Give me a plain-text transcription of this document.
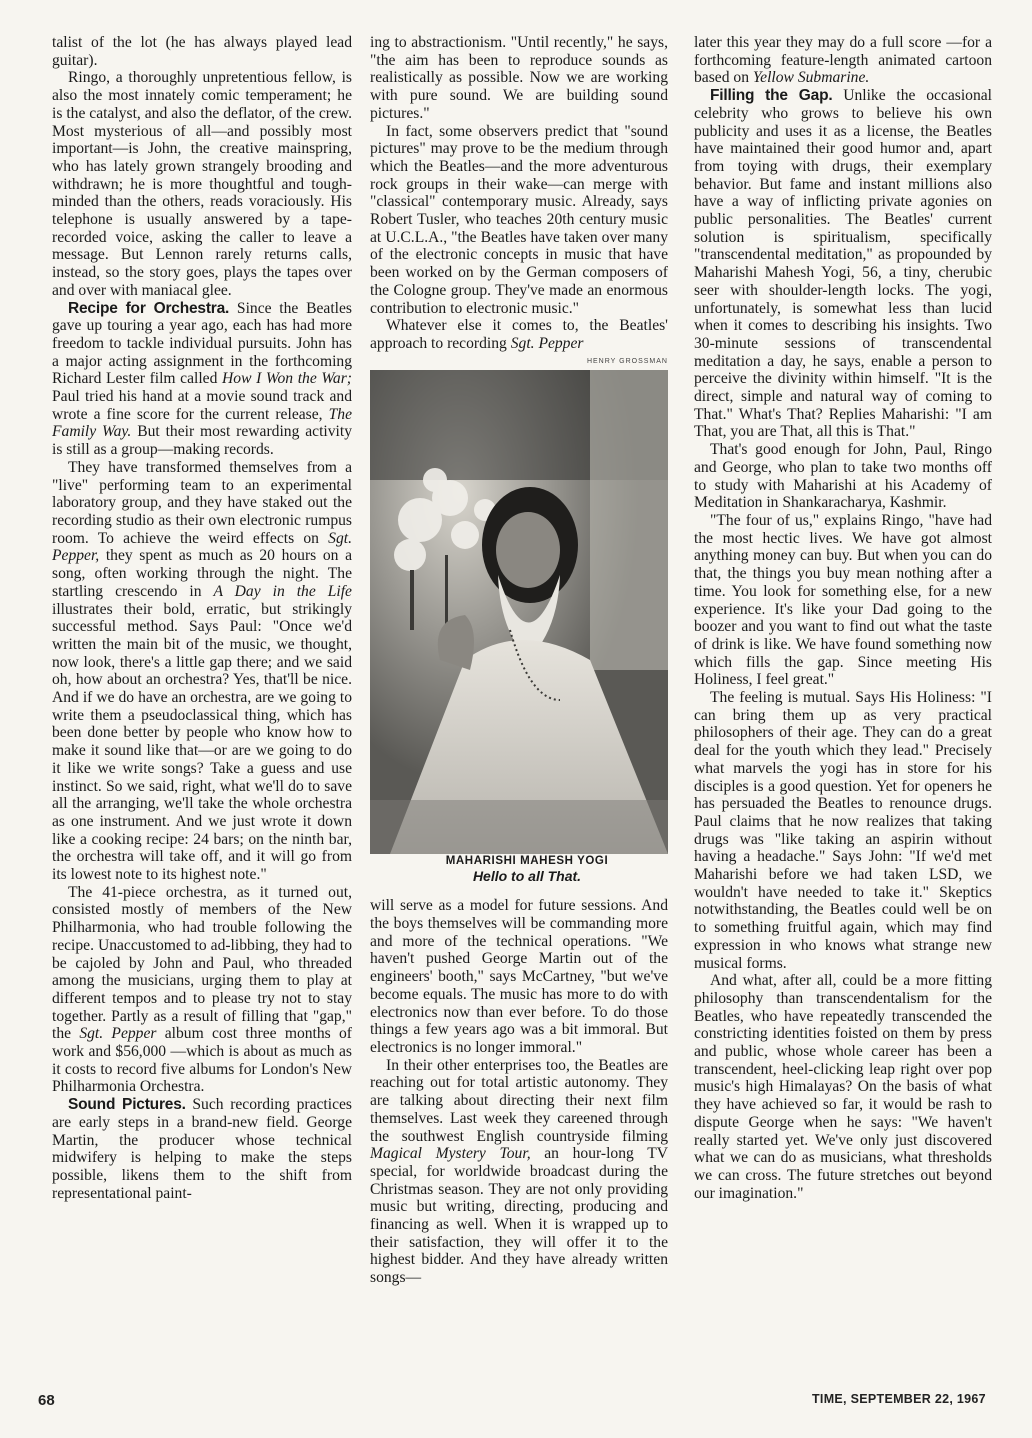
talist of the lot (he has always played lead guitar).

Ringo, a thoroughly unpretentious fellow, is also the most innately comic temperament; he is the catalyst, and also the deflator, of the crew. Most mysterious of all—and possibly most important—is John, the creative mainspring, who has lately grown strangely brooding and withdrawn; he is more thoughtful and tough-minded than the others, reads voraciously. His telephone is usually answered by a tape-recorded voice, asking the caller to leave a message. But Lennon rarely returns calls, instead, so the story goes, plays the tapes over and over with maniacal glee.

Recipe for Orchestra. Since the Beatles gave up touring a year ago, each has had more freedom to tackle individual pursuits. John has a major acting assignment in the forthcoming Richard Lester film called How I Won the War; Paul tried his hand at a movie sound track and wrote a fine score for the current release, The Family Way. But their most rewarding activity is still as a group—making records.

They have transformed themselves from a "live" performing team to an experimental laboratory group, and they have staked out the recording studio as their own electronic rumpus room. To achieve the weird effects on Sgt. Pepper, they spent as much as 20 hours on a song, often working through the night. The startling crescendo in A Day in the Life illustrates their bold, erratic, but strikingly successful method. Says Paul: "Once we'd written the main bit of the music, we thought, now look, there's a little gap there; and we said oh, how about an orchestra? Yes, that'll be nice. And if we do have an orchestra, are we going to write them a pseudoclassical thing, which has been done better by people who know how to make it sound like that—or are we going to do it like we write songs? Take a guess and use instinct. So we said, right, what we'll do to save all the arranging, we'll take the whole orchestra as one instrument. And we just wrote it down like a cooking recipe: 24 bars; on the ninth bar, the orchestra will take off, and it will go from its lowest note to its highest note."

The 41-piece orchestra, as it turned out, consisted mostly of members of the New Philharmonia, who had trouble following the recipe. Unaccustomed to ad-libbing, they had to be cajoled by John and Paul, who threaded among the musicians, urging them to play at different tempos and to please try not to stay together. Partly as a result of filling that "gap," the Sgt. Pepper album cost three months of work and $56,000 —which is about as much as it costs to record five albums for London's New Philharmonia Orchestra.

Sound Pictures. Such recording practices are early steps in a brand-new field. George Martin, the producer whose technical midwifery is helping to make the steps possible, likens them to the shift from representational paint-

ing to abstractionism. "Until recently," he says, "the aim has been to reproduce sounds as realistically as possible. Now we are working with pure sound. We are building sound pictures."

In fact, some observers predict that "sound pictures" may prove to be the medium through which the Beatles—and the more adventurous rock groups in their wake—can merge with "classical" contemporary music. Already, says Robert Tusler, who teaches 20th century music at U.C.L.A., "the Beatles have taken over many of the electronic concepts in music that have been worked on by the German composers of the Cologne group. They've made an enormous contribution to electronic music."

Whatever else it comes to, the Beatles' approach to recording Sgt. Pepper

HENRY GROSSMAN

MAHARISHI MAHESH YOGI
Hello to all That.

will serve as a model for future sessions. And the boys themselves will be commanding more and more of the technical operations. "We haven't pushed George Martin out of the engineers' booth," says McCartney, "but we've become equals. The music has more to do with electronics now than ever before. To do those things a few years ago was a bit immoral. But electronics is no longer immoral."

In their other enterprises too, the Beatles are reaching out for total artistic autonomy. They are talking about directing their next film themselves. Last week they careened through the southwest English countryside filming Magical Mystery Tour, an hour-long TV special, for worldwide broadcast during the Christmas season. They are not only providing music but writing, directing, producing and financing as well. When it is wrapped up to their satisfaction, they will offer it to the highest bidder. And they have already written songs—

later this year they may do a full score —for a forthcoming feature-length animated cartoon based on Yellow Submarine.

Filling the Gap. Unlike the occasional celebrity who grows to believe his own publicity and uses it as a license, the Beatles have maintained their good humor and, apart from toying with drugs, their exemplary behavior. But fame and instant millions also have a way of inflicting private agonies on public personalities. The Beatles' current solution is spiritualism, specifically "transcendental meditation," as propounded by Maharishi Mahesh Yogi, 56, a tiny, cherubic seer with shoulder-length locks. The yogi, unfortunately, is somewhat less than lucid when it comes to describing his insights. Two 30-minute sessions of transcendental meditation a day, he says, enable a person to perceive the divinity within himself. "It is the direct, simple and natural way of coming to That." What's That? Replies Maharishi: "I am That, you are That, all this is That."

That's good enough for John, Paul, Ringo and George, who plan to take two months off to study with Maharishi at his Academy of Meditation in Shankaracharya, Kashmir.

"The four of us," explains Ringo, "have had the most hectic lives. We have got almost anything money can buy. But when you can do that, the things you buy mean nothing after a time. You look for something else, for a new experience. It's like your Dad going to the boozer and you want to find out what the taste of drink is like. We have found something now which fills the gap. Since meeting His Holiness, I feel great."

The feeling is mutual. Says His Holiness: "I can bring them up as very practical philosophers of their age. They can do a great deal for the youth which they lead." Precisely what marvels the yogi has in store for his disciples is a good question. Yet for openers he has persuaded the Beatles to renounce drugs. Paul claims that he now realizes that taking drugs was "like taking an aspirin without having a headache." Says John: "If we'd met Maharishi before we had taken LSD, we wouldn't have needed to take it." Skeptics notwithstanding, the Beatles could well be on to something fruitful again, which may find expression in who knows what strange new musical forms.

And what, after all, could be a more fitting philosophy than transcendentalism for the Beatles, who have repeatedly transcended the constricting identities foisted on them by press and public, whose whole career has been a transcendent, heel-clicking leap right over pop music's high Himalayas? On the basis of what they have achieved so far, it would be rash to dispute George when he says: "We haven't really started yet. We've only just discovered what we can do as musicians, what thresholds we can cross. The future stretches out beyond our imagination."

68	TIME, SEPTEMBER 22, 1967
